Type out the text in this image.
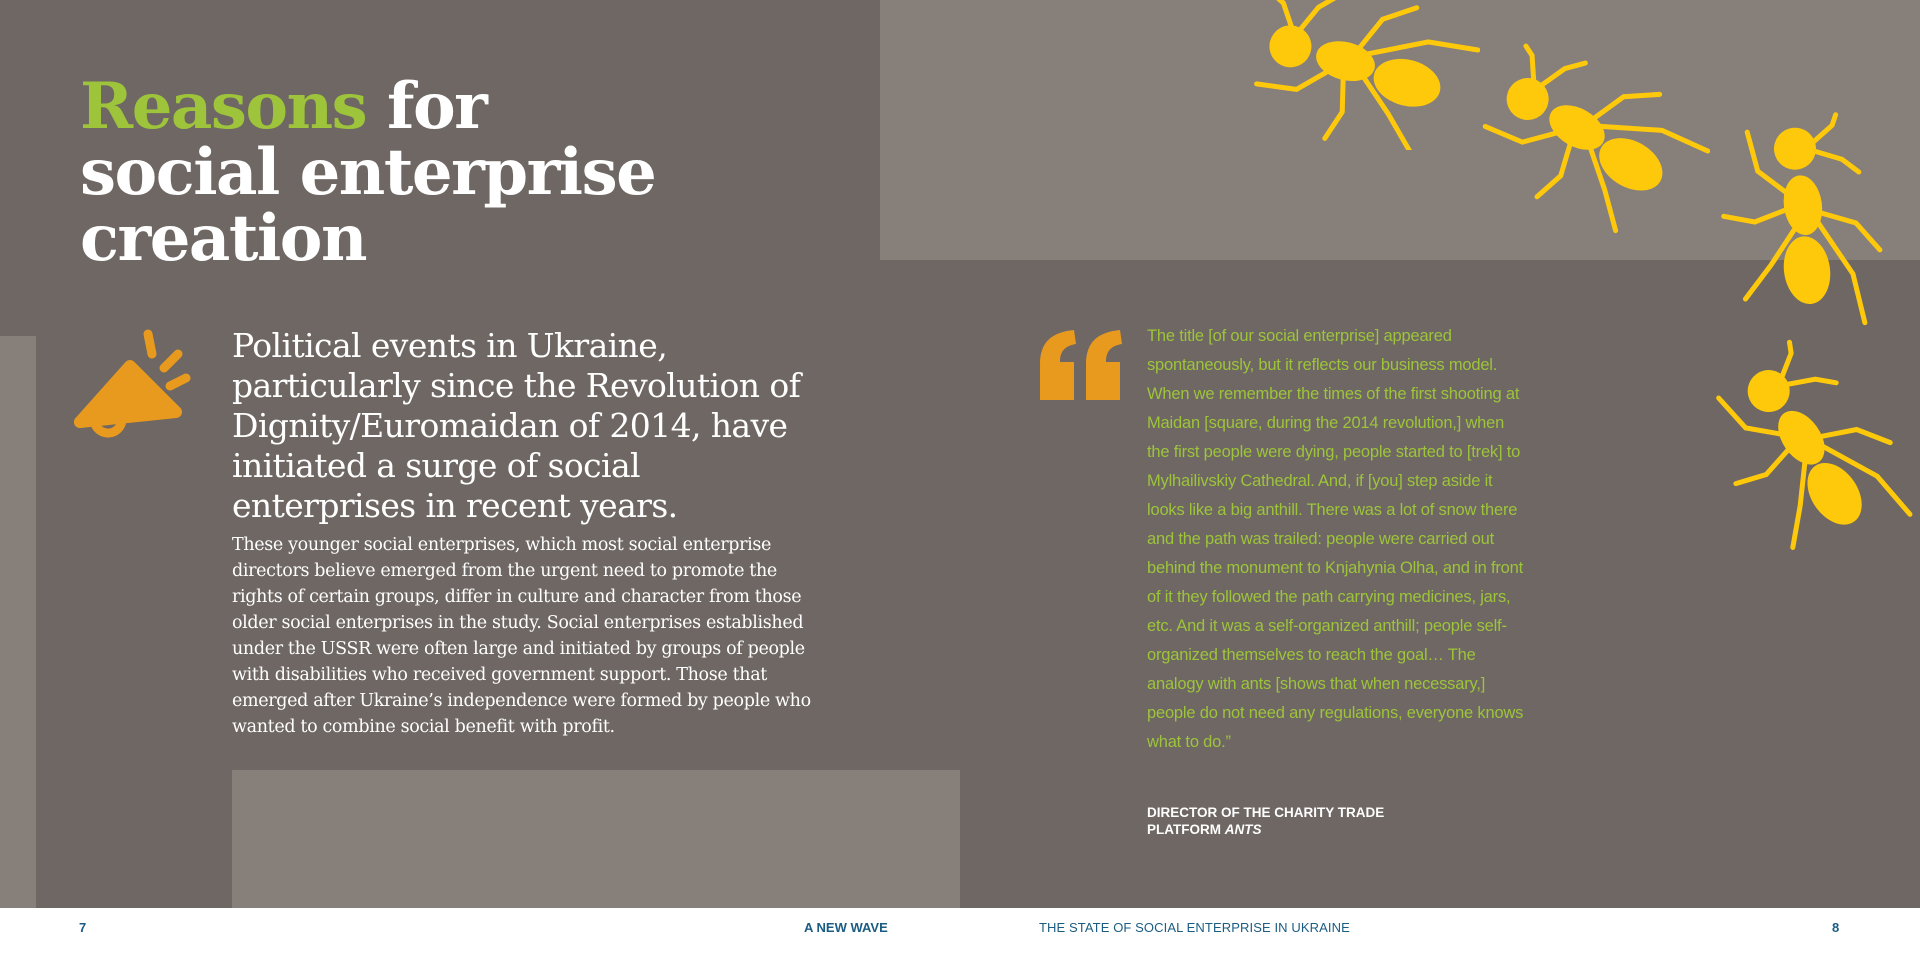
Reasons for
social enterprise
creation

Political events in Ukraine, particularly since the Revolution of Dignity/Euromaidan of 2014, have initiated a surge of social enterprises in recent years.

These younger social enterprises, which most social enterprise directors believe emerged from the urgent need to promote the rights of certain groups, differ in culture and character from those older social enterprises in the study. Social enterprises established under the USSR were often large and initiated by groups of people with disabilities who received government support. Those that emerged after Ukraine’s independence were formed by people who wanted to combine social benefit with profit.

The title [of our social enterprise] appeared spontaneously, but it reflects our business model. When we remember the times of the first shooting at Maidan [square, during the 2014 revolution,] when the first people were dying, people started to [trek] to Mylhailivskiy Cathedral. And, if [you] step aside it looks like a big anthill. There was a lot of snow there and the path was trailed: people were carried out behind the monument to Knjahynia Olha, and in front of it they followed the path carrying medicines, jars, etc. And it was a self-organized anthill; people self-organized themselves to reach the goal… The analogy with ants [shows that when necessary,] people do not need any regulations, everyone knows what to do.”

DIRECTOR OF THE CHARITY TRADE PLATFORM ANTS
7	A NEW WAVE	THE STATE OF SOCIAL ENTERPRISE IN UKRAINE	8
